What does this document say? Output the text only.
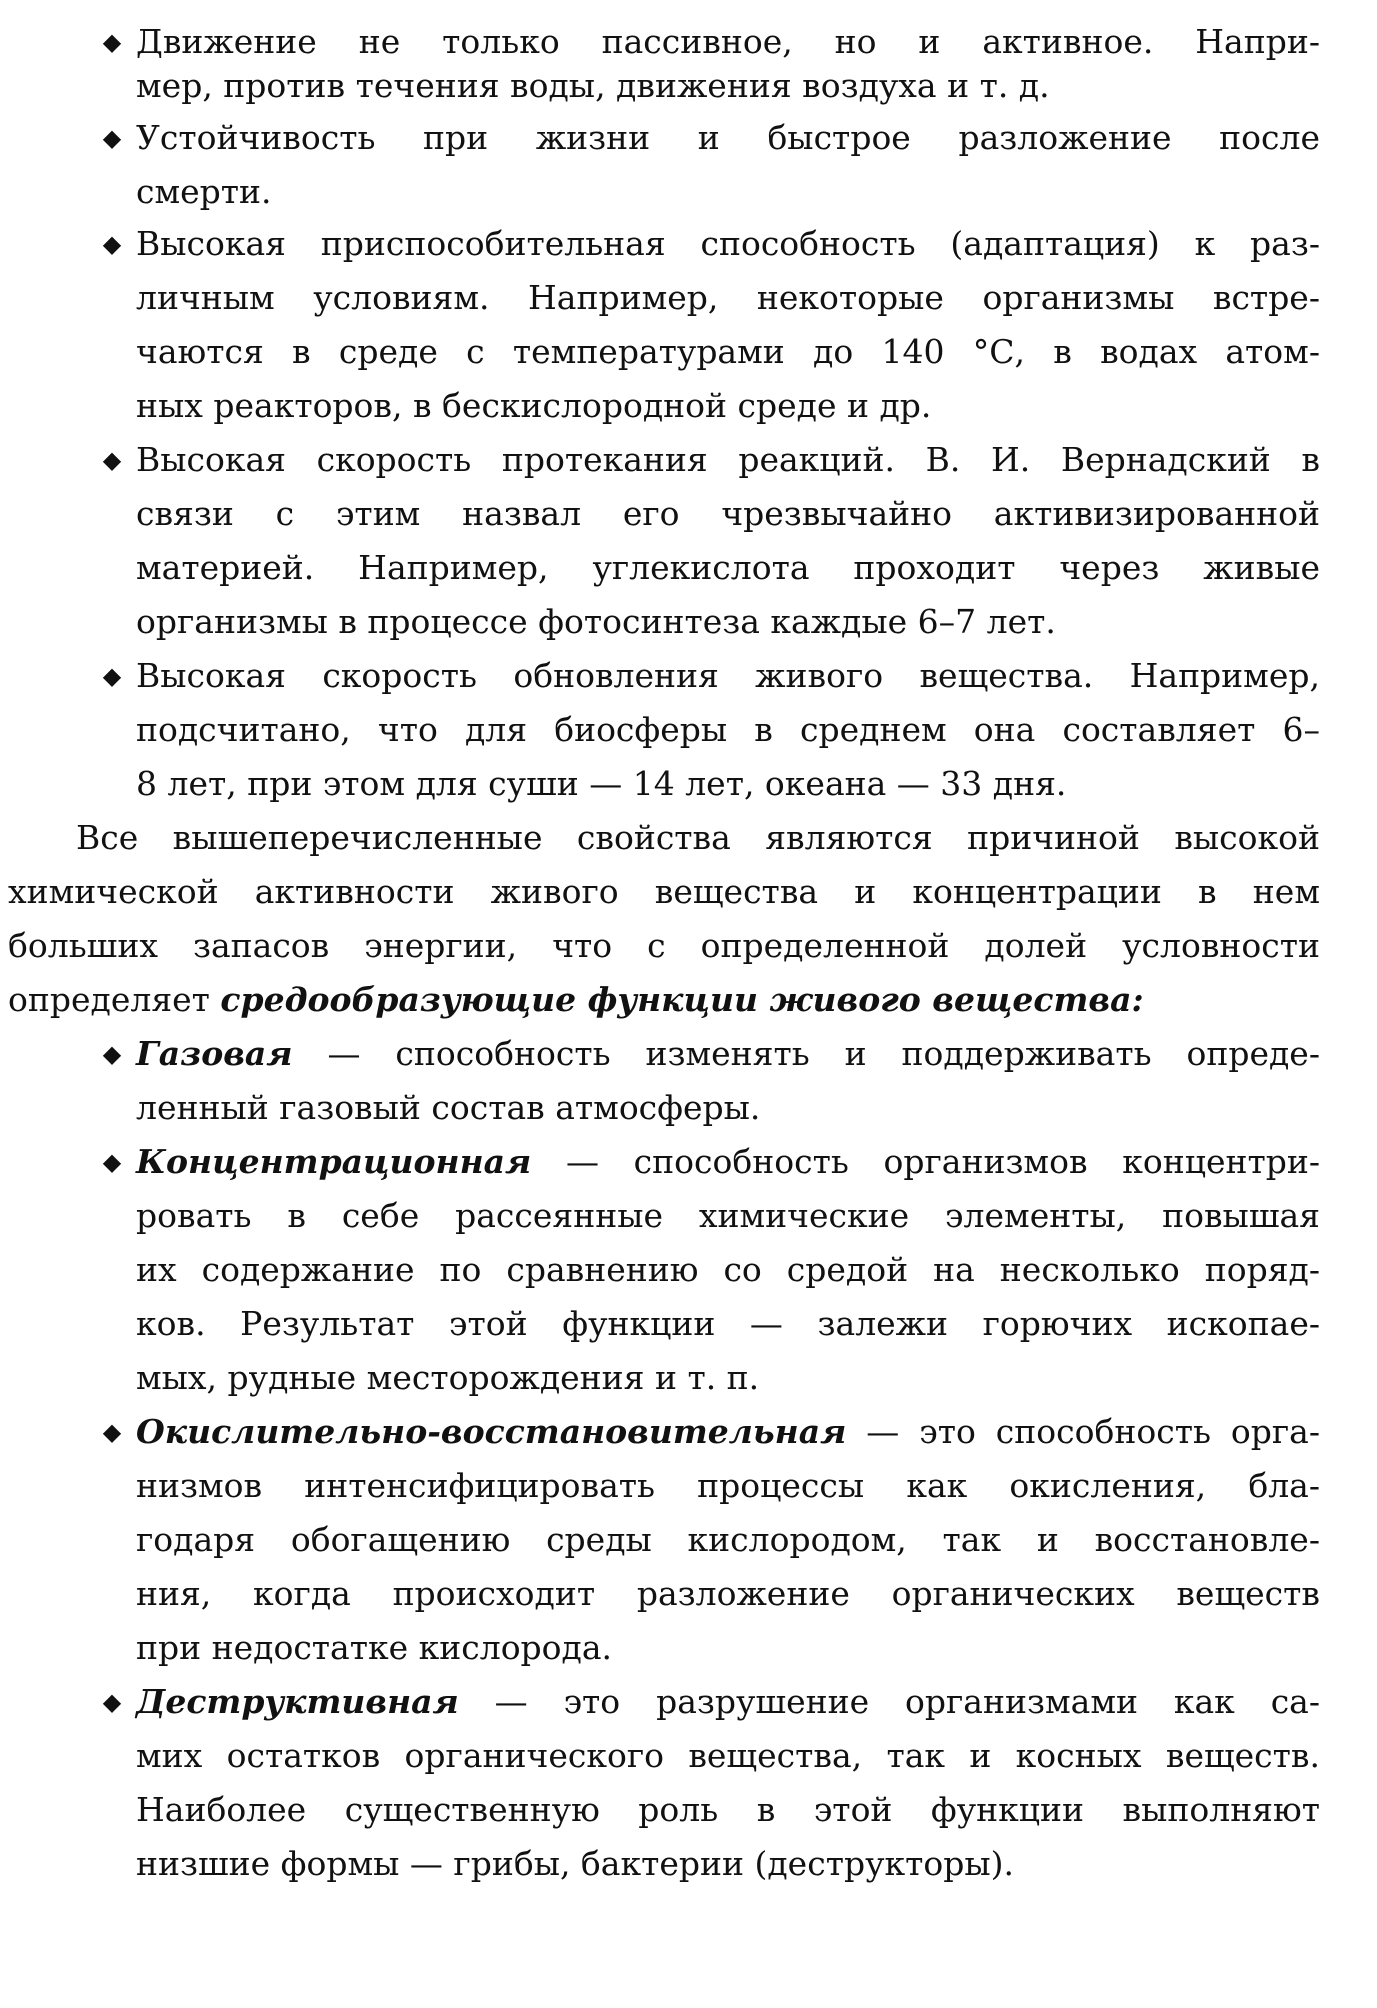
◆ Движение не только пассивное, но и активное. Напри-
мер, против течения воды, движения воздуха и т. д.
◆ Устойчивость при жизни и быстрое разложение после
смерти.
◆ Высокая приспособительная способность (адаптация) к раз-
личным условиям. Например, некоторые организмы встре-
чаются в среде с температурами до 140 °С, в водах атом-
ных реакторов, в бескислородной среде и др.
◆ Высокая скорость протекания реакций. В. И. Вернадский в
связи с этим назвал его чрезвычайно активизированной
материей. Например, углекислота проходит через живые
организмы в процессе фотосинтеза каждые 6–7 лет.
◆ Высокая скорость обновления живого вещества. Например,
подсчитано, что для биосферы в среднем она составляет 6–
8 лет, при этом для суши — 14 лет, океана — 33 дня.
Все вышеперечисленные свойства являются причиной высокой
химической активности живого вещества и концентрации в нем
больших запасов энергии, что с определенной долей условности
определяет средообразующие функции живого вещества:
◆ Газовая — способность изменять и поддерживать опреде-
ленный газовый состав атмосферы.
◆ Концентрационная — способность организмов концентри-
ровать в себе рассеянные химические элементы, повышая
их содержание по сравнению со средой на несколько поряд-
ков. Результат этой функции — залежи горючих ископае-
мых, рудные месторождения и т. п.
◆ Окислительно-восстановительная — это способность орга-
низмов интенсифицировать процессы как окисления, бла-
годаря обогащению среды кислородом, так и восстановле-
ния, когда происходит разложение органических веществ
при недостатке кислорода.
◆ Деструктивная — это разрушение организмами как са-
мих остатков органического вещества, так и косных веществ.
Наиболее существенную роль в этой функции выполняют
низшие формы — грибы, бактерии (деструкторы).
